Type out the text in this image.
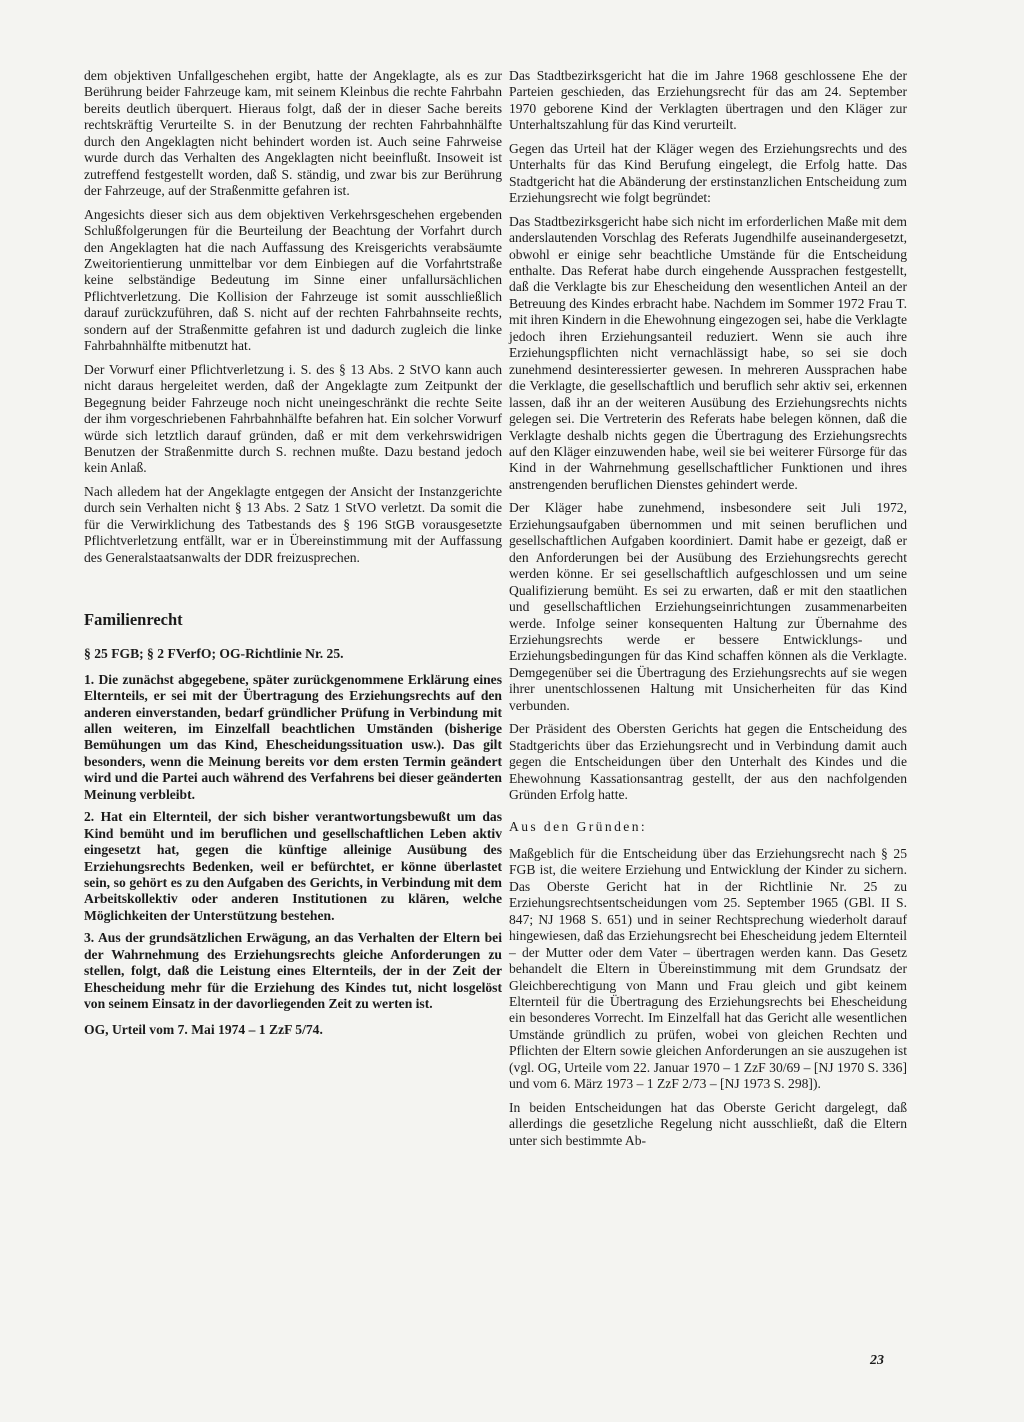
dem objektiven Unfallgeschehen ergibt, hatte der Angeklagte, als es zur Berührung beider Fahrzeuge kam, mit seinem Kleinbus die rechte Fahrbahn bereits deutlich überquert. Hieraus folgt, daß der in dieser Sache bereits rechtskräftig Verurteilte S. in der Benutzung der rechten Fahrbahnhälfte durch den Angeklagten nicht behindert worden ist. Auch seine Fahrweise wurde durch das Verhalten des Angeklagten nicht beeinflußt. Insoweit ist zutreffend festgestellt worden, daß S. ständig, und zwar bis zur Berührung der Fahrzeuge, auf der Straßenmitte gefahren ist.

Angesichts dieser sich aus dem objektiven Verkehrsgeschehen ergebenden Schlußfolgerungen für die Beurteilung der Beachtung der Vorfahrt durch den Angeklagten hat die nach Auffassung des Kreisgerichts verabsäumte Zweitorientierung unmittelbar vor dem Einbiegen auf die Vorfahrtstraße keine selbständige Bedeutung im Sinne einer unfallursächlichen Pflichtverletzung. Die Kollision der Fahrzeuge ist somit ausschließlich darauf zurückzuführen, daß S. nicht auf der rechten Fahrbahnseite rechts, sondern auf der Straßenmitte gefahren ist und dadurch zugleich die linke Fahrbahnhälfte mitbenutzt hat.

Der Vorwurf einer Pflichtverletzung i. S. des § 13 Abs. 2 StVO kann auch nicht daraus hergeleitet werden, daß der Angeklagte zum Zeitpunkt der Begegnung beider Fahrzeuge noch nicht uneingeschränkt die rechte Seite der ihm vorgeschriebenen Fahrbahnhälfte befahren hat. Ein solcher Vorwurf würde sich letztlich darauf gründen, daß er mit dem verkehrswidrigen Benutzen der Straßenmitte durch S. rechnen mußte. Dazu bestand jedoch kein Anlaß.

Nach alledem hat der Angeklagte entgegen der Ansicht der Instanzgerichte durch sein Verhalten nicht § 13 Abs. 2 Satz 1 StVO verletzt. Da somit die für die Verwirklichung des Tatbestands des § 196 StGB vorausgesetzte Pflichtverletzung entfällt, war er in Übereinstimmung mit der Auffassung des Generalstaatsanwalts der DDR freizusprechen.

Familienrecht
§ 25 FGB; § 2 FVerfO; OG-Richtlinie Nr. 25.

1. Die zunächst abgegebene, später zurückgenommene Erklärung eines Elternteils, er sei mit der Übertragung des Erziehungsrechts auf den anderen einverstanden, bedarf gründlicher Prüfung in Verbindung mit allen weiteren, im Einzelfall beachtlichen Umständen (bisherige Bemühungen um das Kind, Ehescheidungssituation usw.). Das gilt besonders, wenn die Meinung bereits vor dem ersten Termin geändert wird und die Partei auch während des Verfahrens bei dieser geänderten Meinung verbleibt.

2. Hat ein Elternteil, der sich bisher verantwortungsbewußt um das Kind bemüht und im beruflichen und gesellschaftlichen Leben aktiv eingesetzt hat, gegen die künftige alleinige Ausübung des Erziehungsrechts Bedenken, weil er befürchtet, er könne überlastet sein, so gehört es zu den Aufgaben des Gerichts, in Verbindung mit dem Arbeitskollektiv oder anderen Institutionen zu klären, welche Möglichkeiten der Unterstützung bestehen.

3. Aus der grundsätzlichen Erwägung, an das Verhalten der Eltern bei der Wahrnehmung des Erziehungsrechts gleiche Anforderungen zu stellen, folgt, daß die Leistung eines Elternteils, der in der Zeit der Ehescheidung mehr für die Erziehung des Kindes tut, nicht losgelöst von seinem Einsatz in der davorliegenden Zeit zu werten ist.

OG, Urteil vom 7. Mai 1974 – 1 ZzF 5/74.

Das Stadtbezirksgericht hat die im Jahre 1968 geschlossene Ehe der Parteien geschieden, das Erziehungsrecht für das am 24. September 1970 geborene Kind der Verklagten übertragen und den Kläger zur Unterhaltszahlung für das Kind verurteilt.

Gegen das Urteil hat der Kläger wegen des Erziehungsrechts und des Unterhalts für das Kind Berufung eingelegt, die Erfolg hatte. Das Stadtgericht hat die Abänderung der erstinstanzlichen Entscheidung zum Erziehungsrecht wie folgt begründet:

Das Stadtbezirksgericht habe sich nicht im erforderlichen Maße mit dem anderslautenden Vorschlag des Referats Jugendhilfe auseinandergesetzt, obwohl er einige sehr beachtliche Umstände für die Entscheidung enthalte. Das Referat habe durch eingehende Aussprachen festgestellt, daß die Verklagte bis zur Ehescheidung den wesentlichen Anteil an der Betreuung des Kindes erbracht habe. Nachdem im Sommer 1972 Frau T. mit ihren Kindern in die Ehewohnung eingezogen sei, habe die Verklagte jedoch ihren Erziehungsanteil reduziert. Wenn sie auch ihre Erziehungspflichten nicht vernachlässigt habe, so sei sie doch zunehmend desinteressierter gewesen. In mehreren Aussprachen habe die Verklagte, die gesellschaftlich und beruflich sehr aktiv sei, erkennen lassen, daß ihr an der weiteren Ausübung des Erziehungsrechts nichts gelegen sei. Die Vertreterin des Referats habe belegen können, daß die Verklagte deshalb nichts gegen die Übertragung des Erziehungsrechts auf den Kläger einzuwenden habe, weil sie bei weiterer Fürsorge für das Kind in der Wahrnehmung gesellschaftlicher Funktionen und ihres anstrengenden beruflichen Dienstes gehindert werde.

Der Kläger habe zunehmend, insbesondere seit Juli 1972, Erziehungsaufgaben übernommen und mit seinen beruflichen und gesellschaftlichen Aufgaben koordiniert. Damit habe er gezeigt, daß er den Anforderungen bei der Ausübung des Erziehungsrechts gerecht werden könne. Er sei gesellschaftlich aufgeschlossen und um seine Qualifizierung bemüht. Es sei zu erwarten, daß er mit den staatlichen und gesellschaftlichen Erziehungseinrichtungen zusammenarbeiten werde. Infolge seiner konsequenten Haltung zur Übernahme des Erziehungsrechts werde er bessere Entwicklungs- und Erziehungsbedingungen für das Kind schaffen können als die Verklagte. Demgegenüber sei die Übertragung des Erziehungsrechts auf sie wegen ihrer unentschlossenen Haltung mit Unsicherheiten für das Kind verbunden.

Der Präsident des Obersten Gerichts hat gegen die Entscheidung des Stadtgerichts über das Erziehungsrecht und in Verbindung damit auch gegen die Entscheidungen über den Unterhalt des Kindes und die Ehewohnung Kassationsantrag gestellt, der aus den nachfolgenden Gründen Erfolg hatte.

Aus den Gründen:

Maßgeblich für die Entscheidung über das Erziehungsrecht nach § 25 FGB ist, die weitere Erziehung und Entwicklung der Kinder zu sichern. Das Oberste Gericht hat in der Richtlinie Nr. 25 zu Erziehungsrechtsentscheidungen vom 25. September 1965 (GBl. II S. 847; NJ 1968 S. 651) und in seiner Rechtsprechung wiederholt darauf hingewiesen, daß das Erziehungsrecht bei Ehescheidung jedem Elternteil – der Mutter oder dem Vater – übertragen werden kann. Das Gesetz behandelt die Eltern in Übereinstimmung mit dem Grundsatz der Gleichberechtigung von Mann und Frau gleich und gibt keinem Elternteil für die Übertragung des Erziehungsrechts bei Ehescheidung ein besonderes Vorrecht. Im Einzelfall hat das Gericht alle wesentlichen Umstände gründlich zu prüfen, wobei von gleichen Rechten und Pflichten der Eltern sowie gleichen Anforderungen an sie auszugehen ist (vgl. OG, Urteile vom 22. Januar 1970 – 1 ZzF 30/69 – [NJ 1970 S. 336] und vom 6. März 1973 – 1 ZzF 2/73 – [NJ 1973 S. 298]).

In beiden Entscheidungen hat das Oberste Gericht dargelegt, daß allerdings die gesetzliche Regelung nicht ausschließt, daß die Eltern unter sich bestimmte Ab-

23
